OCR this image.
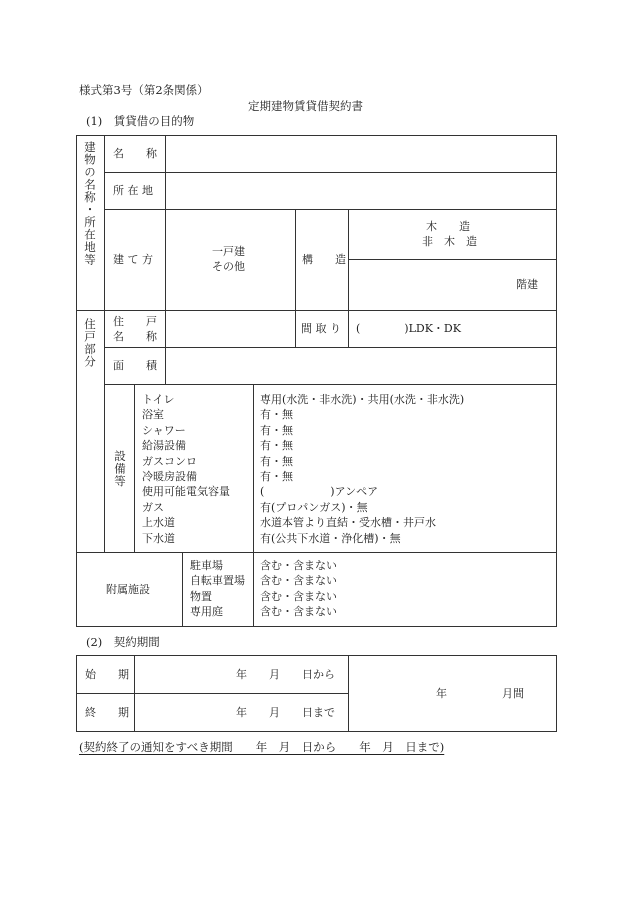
様式第3号（第2条関係）
定期建物賃貸借契約書
(1)　賃貸借の目的物
建物の名称・所在地等 名　　称
所 在 地
建 て 方
一戸建
その他
構　　造
木　　造
非　木　造
階建
住戸部分 住　　戸
名　　称
間 取 り (　　　　)LDK・DK
面　　積
設備等
トイレ
浴室
シャワー
給湯設備
ガスコンロ
冷暖房設備
使用可能電気容量
ガス
上水道
下水道
専用(水洗・非水洗)・共用(水洗・非水洗)
有・無
有・無
有・無
有・無
有・無
(　　　　　　)アンペア
有(プロパンガス)・無
水道本管より直結・受水槽・井戸水
有(公共下水道・浄化槽)・無
附属施設
駐車場
自転車置場
物置
専用庭
含む・含まない
含む・含まない
含む・含まない
含む・含まない
(2)　契約期間
始　　期	年　　月　　日から
終　　期	年　　月　　日まで
年　　　　　月間
(契約終了の通知をすべき期間　　年　月　日から　　年　月　日まで)
